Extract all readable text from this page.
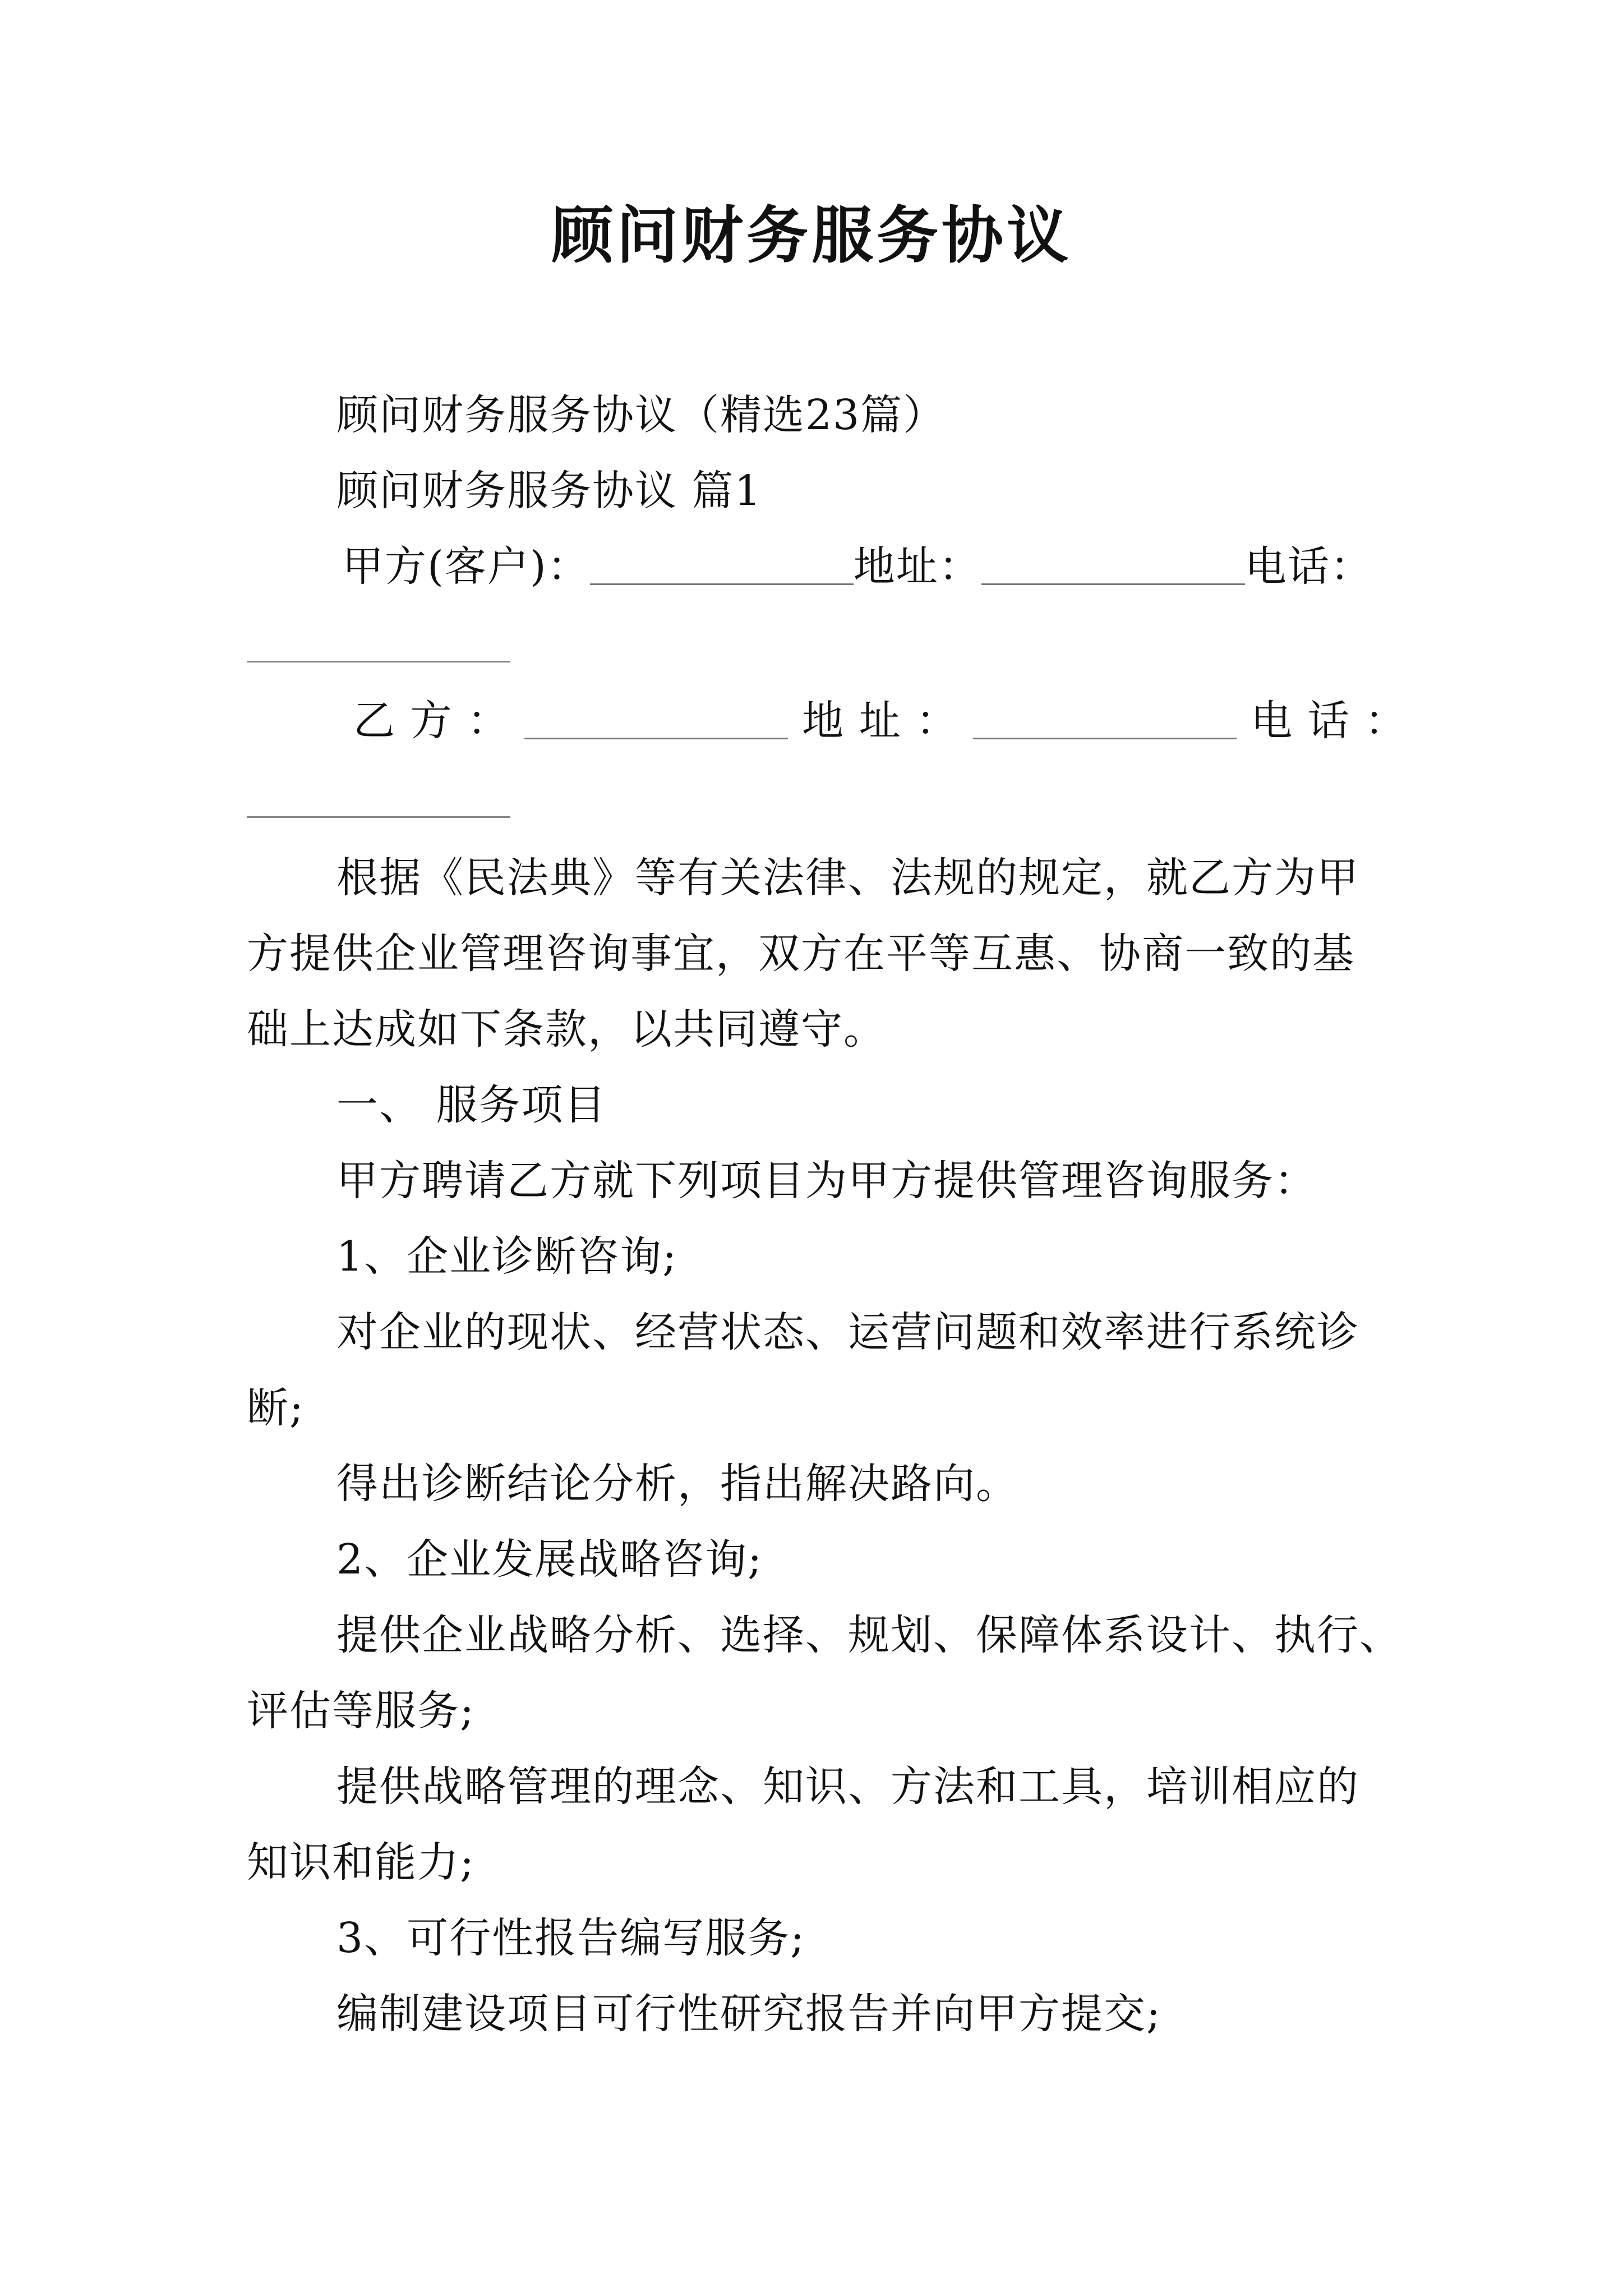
顾问财务服务协议
顾问财务服务协议（精选23篇）
顾问财务服务协议 篇1
甲方(客户)：	地址：	电话：
乙 方 ：	地 址 ：	电 话 ：
根据《民法典》等有关法律、法规的规定，就乙方为甲
方提供企业管理咨询事宜，双方在平等互惠、协商一致的基
础上达成如下条款，以共同遵守。
一、 服务项目
甲方聘请乙方就下列项目为甲方提供管理咨询服务：
1、企业诊断咨询;
对企业的现状、经营状态、运营问题和效率进行系统诊
断;
得出诊断结论分析，指出解决路向。
2、企业发展战略咨询;
提供企业战略分析、选择、规划、保障体系设计、执行、
评估等服务;
提供战略管理的理念、知识、方法和工具，培训相应的
知识和能力;
3、可行性报告编写服务;
编制建设项目可行性研究报告并向甲方提交;
